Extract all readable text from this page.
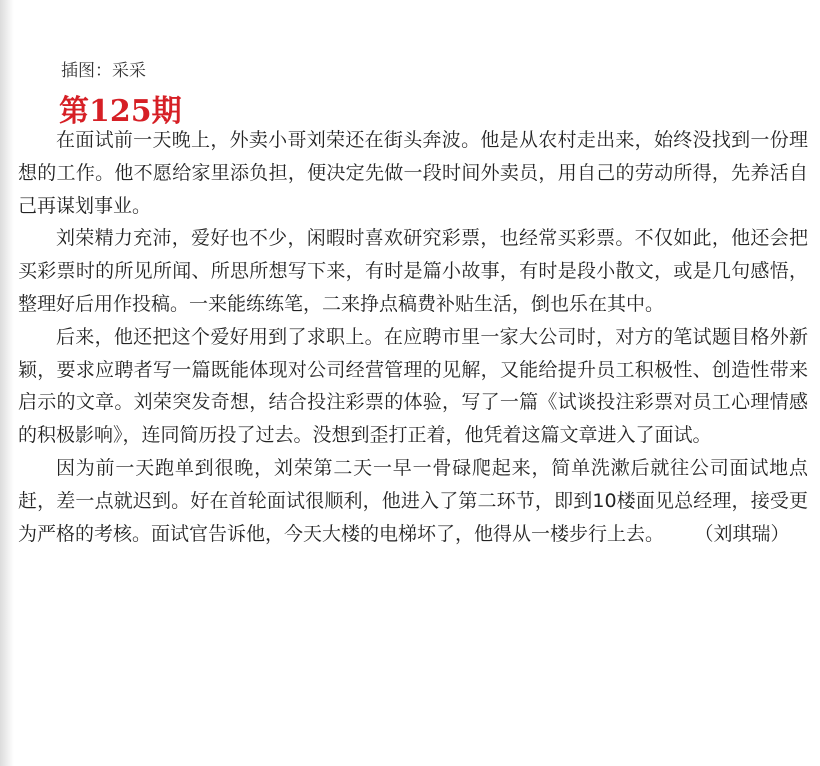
插图：采采
第125期

在面试前一天晚上，外卖小哥刘荣还在街头奔波。他是从农村走出来，始终没找到一份理想的工作。他不愿给家里添负担，便决定先做一段时间外卖员，用自己的劳动所得，先养活自己再谋划事业。

刘荣精力充沛，爱好也不少，闲暇时喜欢研究彩票，也经常买彩票。不仅如此，他还会把买彩票时的所见所闻、所思所想写下来，有时是篇小故事，有时是段小散文，或是几句感悟，整理好后用作投稿。一来能练练笔，二来挣点稿费补贴生活，倒也乐在其中。

后来，他还把这个爱好用到了求职上。在应聘市里一家大公司时，对方的笔试题目格外新颖，要求应聘者写一篇既能体现对公司经营管理的见解，又能给提升员工积极性、创造性带来启示的文章。刘荣突发奇想，结合投注彩票的体验，写了一篇《试谈投注彩票对员工心理情感的积极影响》，连同简历投了过去。没想到歪打正着，他凭着这篇文章进入了面试。

因为前一天跑单到很晚，刘荣第二天一早一骨碌爬起来，简单洗漱后就往公司面试地点赶，差一点就迟到。好在首轮面试很顺利，他进入了第二环节，即到10楼面见总经理，接受更为严格的考核。面试官告诉他，今天大楼的电梯坏了，他得从一楼步行上去。 （刘琪瑞）
